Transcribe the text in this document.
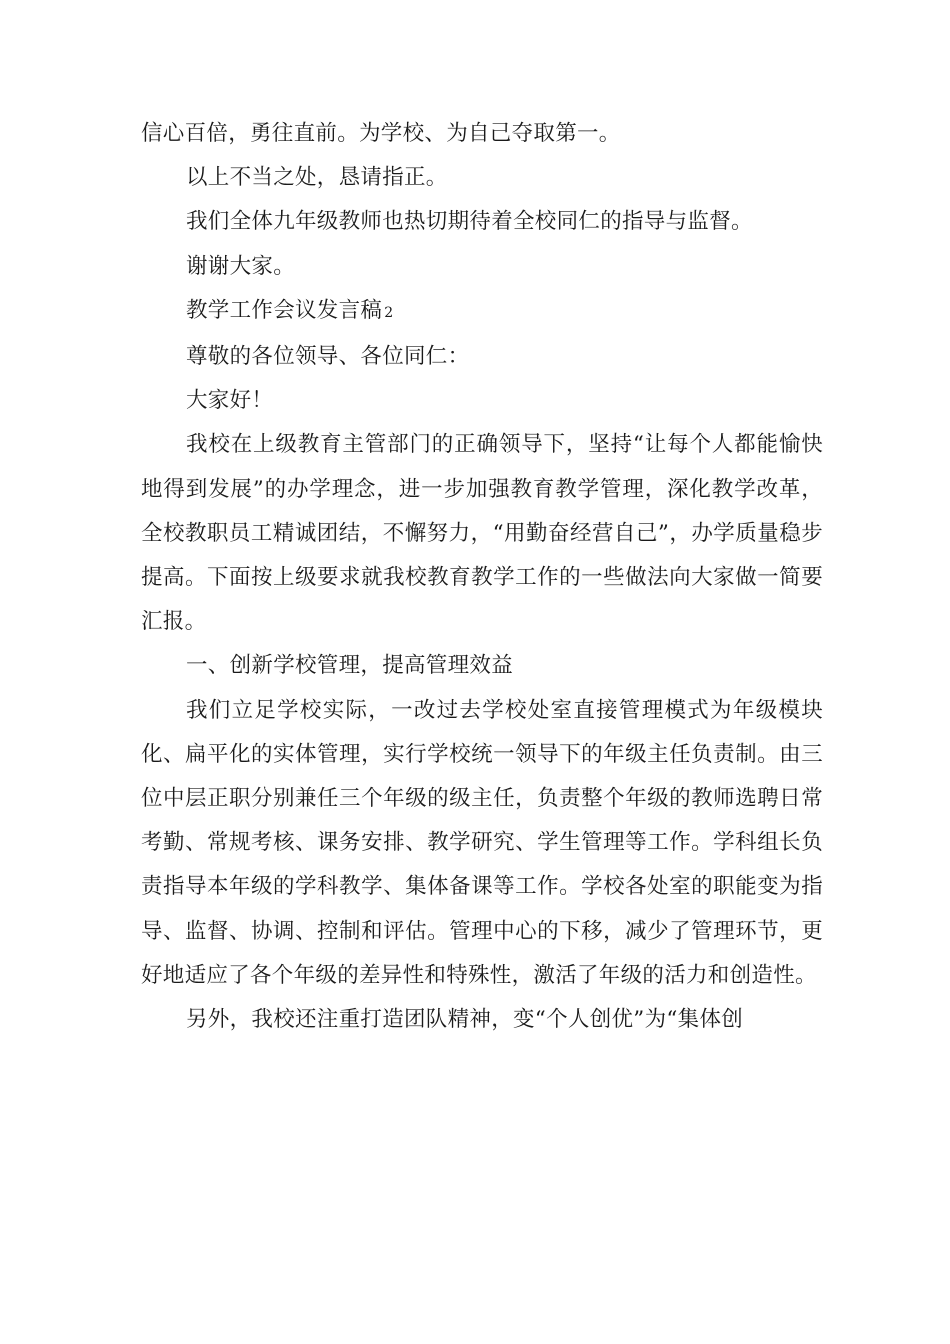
信心百倍，勇往直前。为学校、为自己夺取第一。

以上不当之处，恳请指正。

我们全体九年级教师也热切期待着全校同仁的指导与监督。

谢谢大家。

教学工作会议发言稿 2

尊敬的各位领导、各位同仁：

大家好！

我校在上级教育主管部门的正确领导下，坚持“让每个人都能愉快地得到发展”的办学理念，进一步加强教育教学管理，深化教学改革，全校教职员工精诚团结，不懈努力，“用勤奋经营自己”，办学质量稳步提高。下面按上级要求就我校教育教学工作的一些做法向大家做一简要汇报。

一、创新学校管理，提高管理效益

我们立足学校实际，一改过去学校处室直接管理模式为年级模块化、扁平化的实体管理，实行学校统一领导下的年级主任负责制。由三位中层正职分别兼任三个年级的级主任，负责整个年级的教师选聘日常考勤、常规考核、课务安排、教学研究、学生管理等工作。学科组长负责指导本年级的学科教学、集体备课等工作。学校各处室的职能变为指导、监督、协调、控制和评估。管理中心的下移，减少了管理环节，更好地适应了各个年级的差异性和特殊性，激活了年级的活力和创造性。

另外，我校还注重打造团队精神，变“个人创优”为“集体创
